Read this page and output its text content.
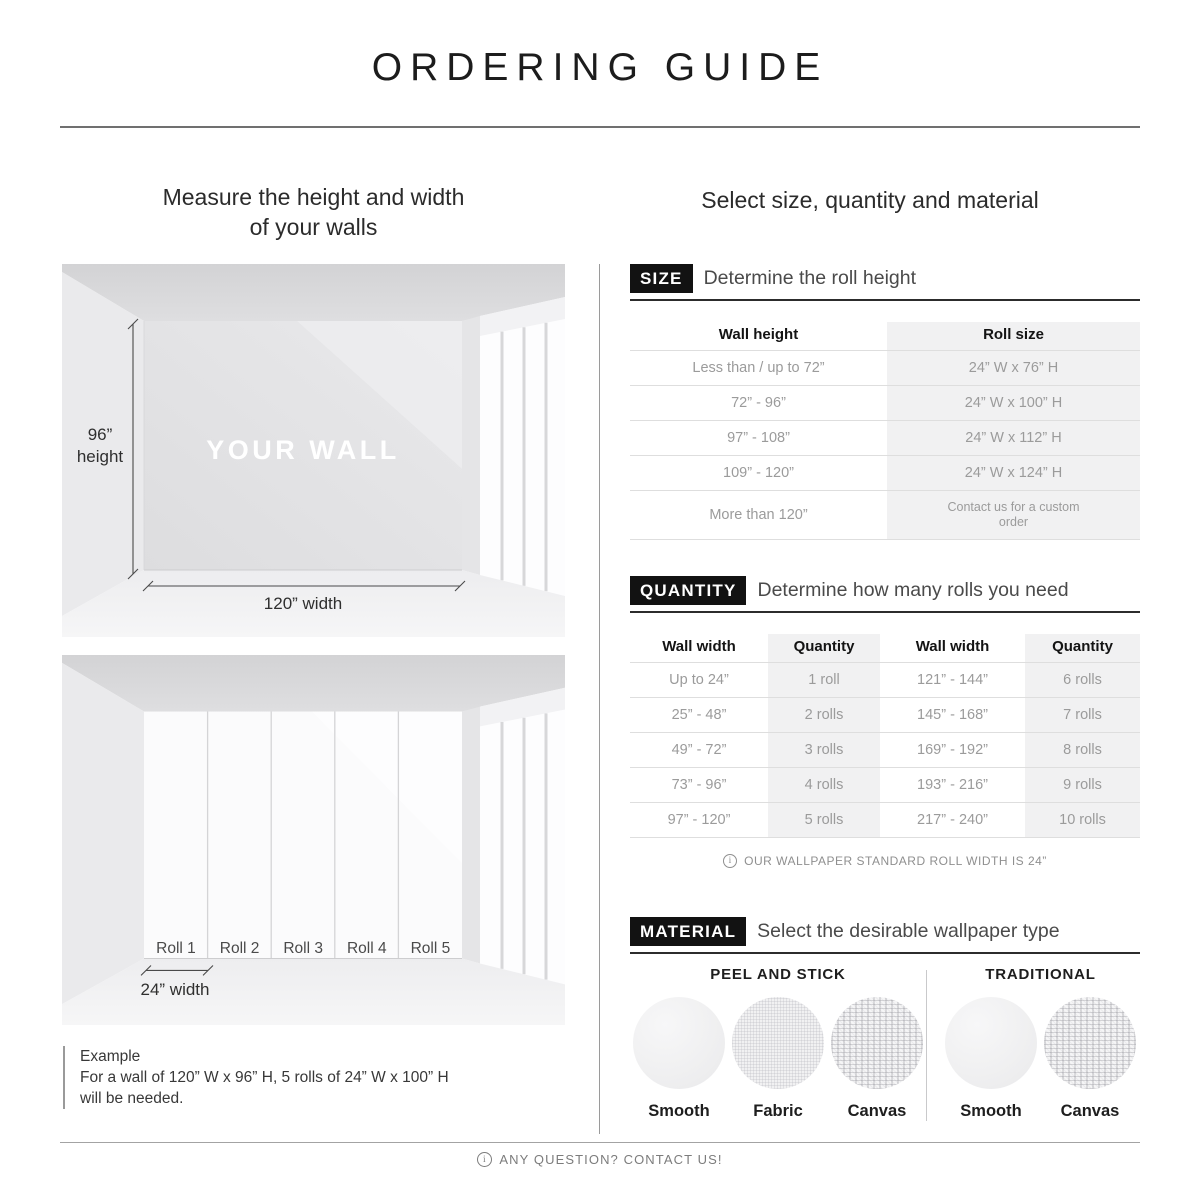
ORDERING GUIDE
Measure the height and width
of your walls
Select size, quantity and material
YOUR WALL
96”
height
120” width
Roll 1	Roll 2	Roll 3	Roll 4	Roll 5
24” width
Example
For a wall of 120” W x 96” H, 5 rolls of 24” W x 100” H
will be needed.
SIZE	Determine the roll height
Wall height	Roll size
Less than / up to 72”	24” W x 76” H
72” - 96”	24” W x 100” H
97” - 108”	24” W x 112” H
109” - 120”	24” W x 124” H
More than 120”	Contact us for a custom order
QUANTITY	Determine how many rolls you need
Wall width	Quantity	Wall width	Quantity
Up to 24”	1 roll	121” - 144”	6 rolls
25” - 48”	2 rolls	145” - 168”	7 rolls
49” - 72”	3 rolls	169” - 192”	8 rolls
73” - 96”	4 rolls	193” - 216”	9 rolls
97” - 120”	5 rolls	217” - 240”	10 rolls
i	OUR WALLPAPER STANDARD ROLL WIDTH IS 24”
MATERIAL	Select the desirable wallpaper type
PEEL AND STICK
Smooth	Fabric	Canvas
TRADITIONAL
Smooth	Canvas
i ANY QUESTION? CONTACT US!
